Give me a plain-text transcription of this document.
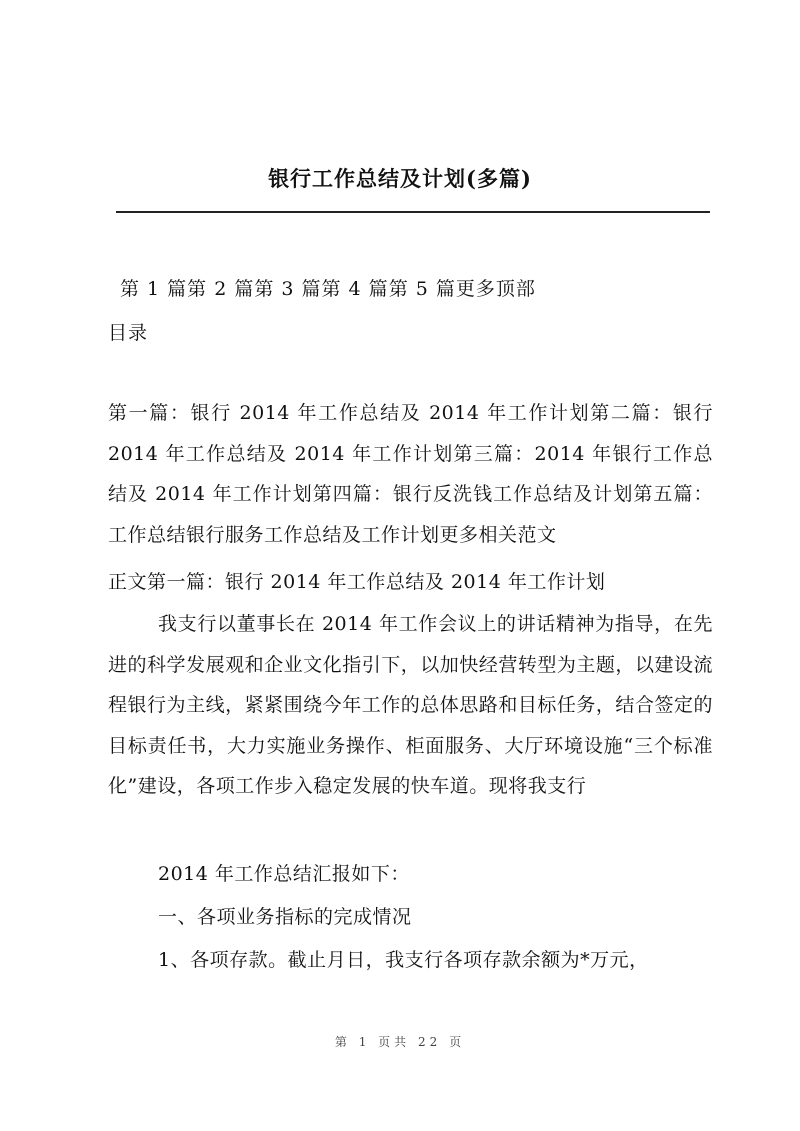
银行工作总结及计划(多篇)
第 1 篇第 2 篇第 3 篇第 4 篇第 5 篇更多顶部
目录
第一篇：银行 2014 年工作总结及 2014 年工作计划第二篇：银行 2014 年工作总结及 2014 年工作计划第三篇：2014 年银行工作总结及 2014 年工作计划第四篇：银行反洗钱工作总结及计划第五篇：工作总结银行服务工作总结及工作计划更多相关范文
正文第一篇：银行 2014 年工作总结及 2014 年工作计划
我支行以董事长在 2014 年工作会议上的讲话精神为指导，在先进的科学发展观和企业文化指引下，以加快经营转型为主题，以建设流程银行为主线，紧紧围绕今年工作的总体思路和目标任务，结合签定的目标责任书，大力实施业务操作、柜面服务、大厅环境设施“三个标准化”建设，各项工作步入稳定发展的快车道。现将我支行
2014 年工作总结汇报如下：
一、各项业务指标的完成情况
1、各项存款。截止月日，我支行各项存款余额为*万元，
第 1 页共 22 页
